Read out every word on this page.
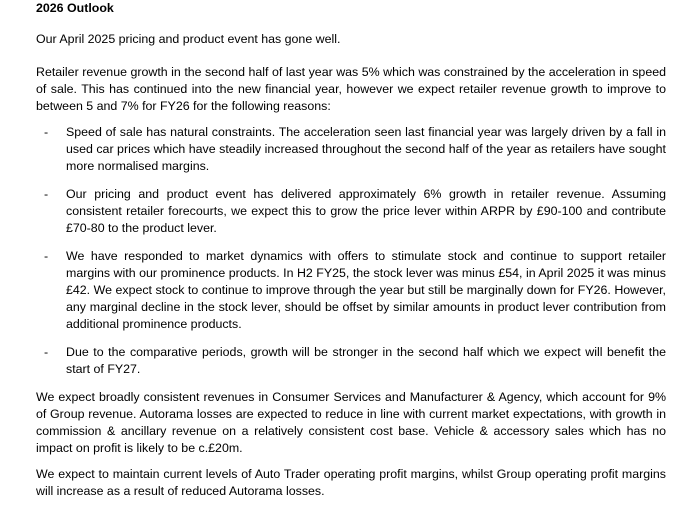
2026 Outlook

Our April 2025 pricing and product event has gone well.

Retailer revenue growth in the second half of last year was 5% which was constrained by the acceleration in speed of sale. This has continued into the new financial year, however we expect retailer revenue growth to improve to between 5 and 7% for FY26 for the following reasons:

- Speed of sale has natural constraints. The acceleration seen last financial year was largely driven by a fall in used car prices which have steadily increased throughout the second half of the year as retailers have sought more normalised margins.
- Our pricing and product event has delivered approximately 6% growth in retailer revenue. Assuming consistent retailer forecourts, we expect this to grow the price lever within ARPR by £90-100 and contribute £70-80 to the product lever.
- We have responded to market dynamics with offers to stimulate stock and continue to support retailer margins with our prominence products. In H2 FY25, the stock lever was minus £54, in April 2025 it was minus £42. We expect stock to continue to improve through the year but still be marginally down for FY26. However, any marginal decline in the stock lever, should be offset by similar amounts in product lever contribution from additional prominence products.
- Due to the comparative periods, growth will be stronger in the second half which we expect will benefit the start of FY27.

We expect broadly consistent revenues in Consumer Services and Manufacturer & Agency, which account for 9% of Group revenue. Autorama losses are expected to reduce in line with current market expectations, with growth in commission & ancillary revenue on a relatively consistent cost base. Vehicle & accessory sales which has no impact on profit is likely to be c.£20m.

We expect to maintain current levels of Auto Trader operating profit margins, whilst Group operating profit margins will increase as a result of reduced Autorama losses.
